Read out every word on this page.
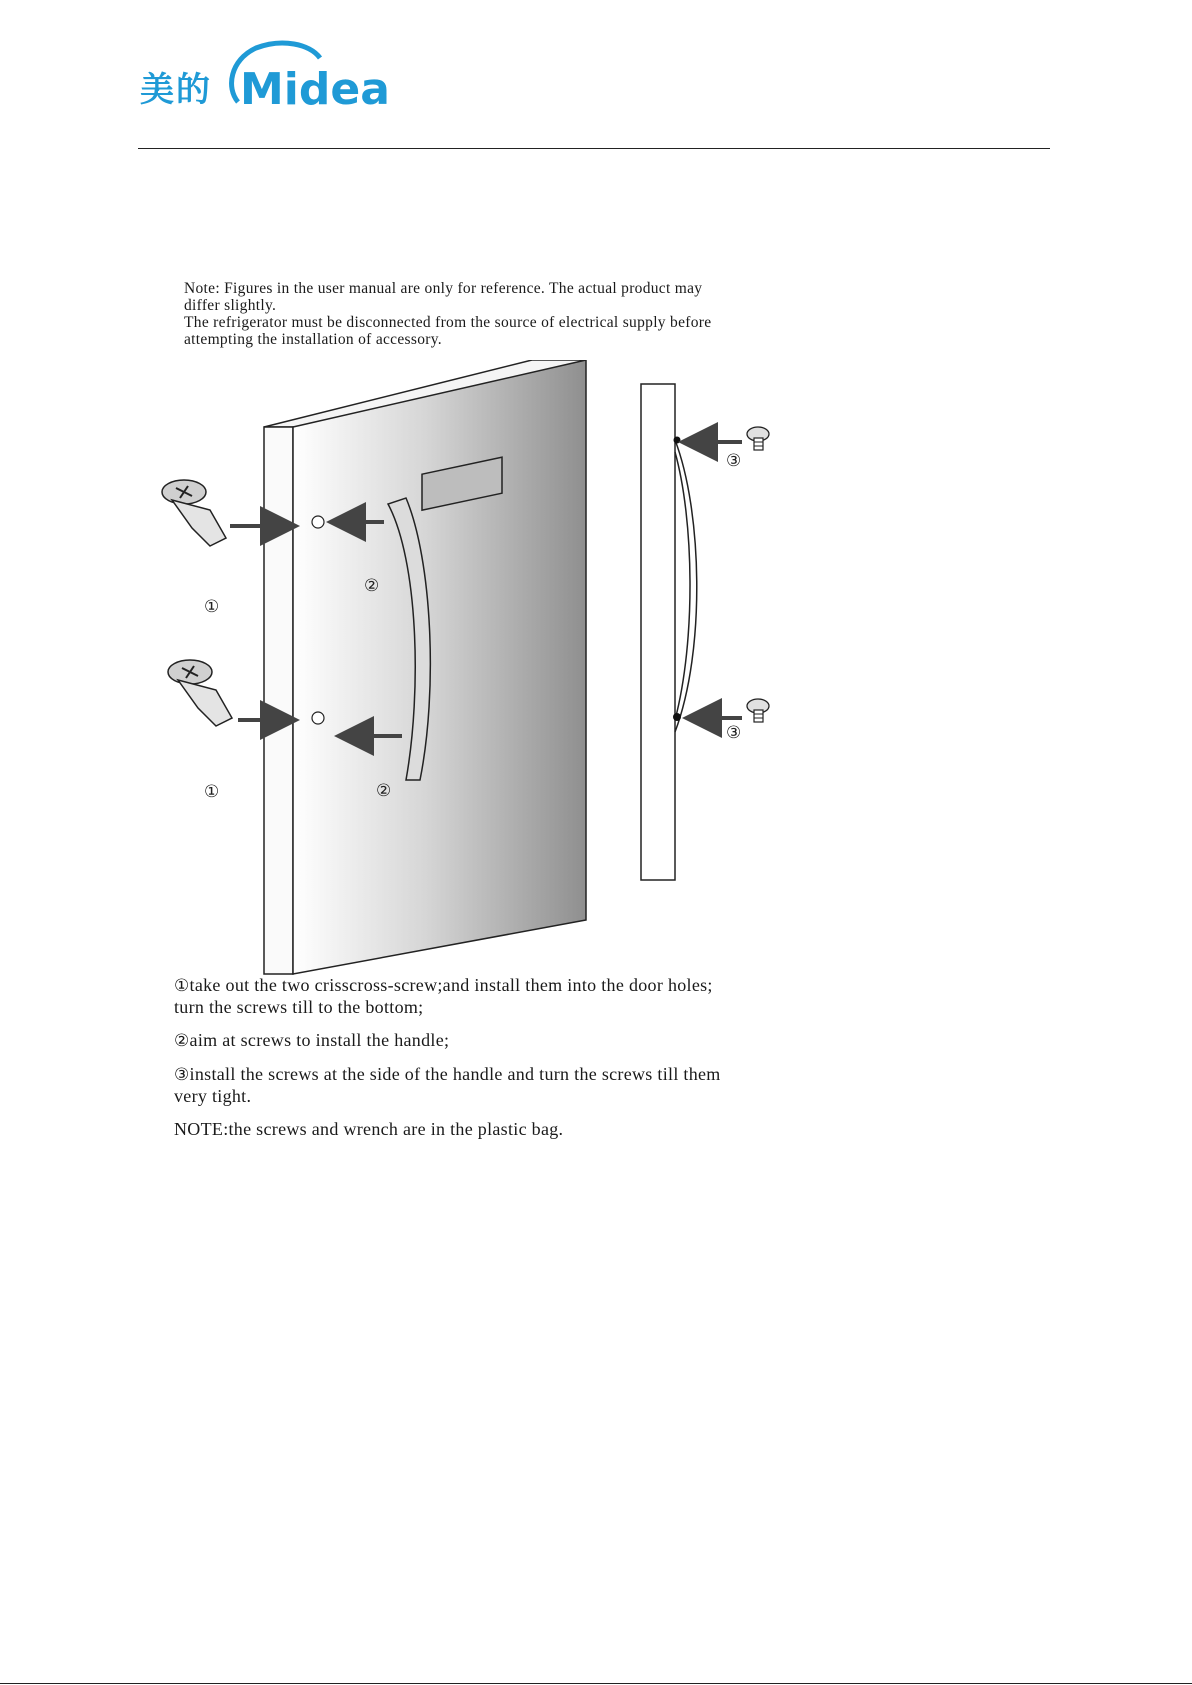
美的 Midea

Note: Figures in the user manual are only for reference. The actual product may

differ slightly.

The refrigerator must be disconnected from the source of electrical supply before

attempting the installation of accessory.

①
①
②
②
③
③

①take out the two crisscross-screw;and install them into the door holes;
turn the screws till to the bottom;

②aim at screws to install the handle;

③install the screws at the side of the handle and turn the screws till them
very tight.

NOTE:the screws and wrench are in the plastic bag.
